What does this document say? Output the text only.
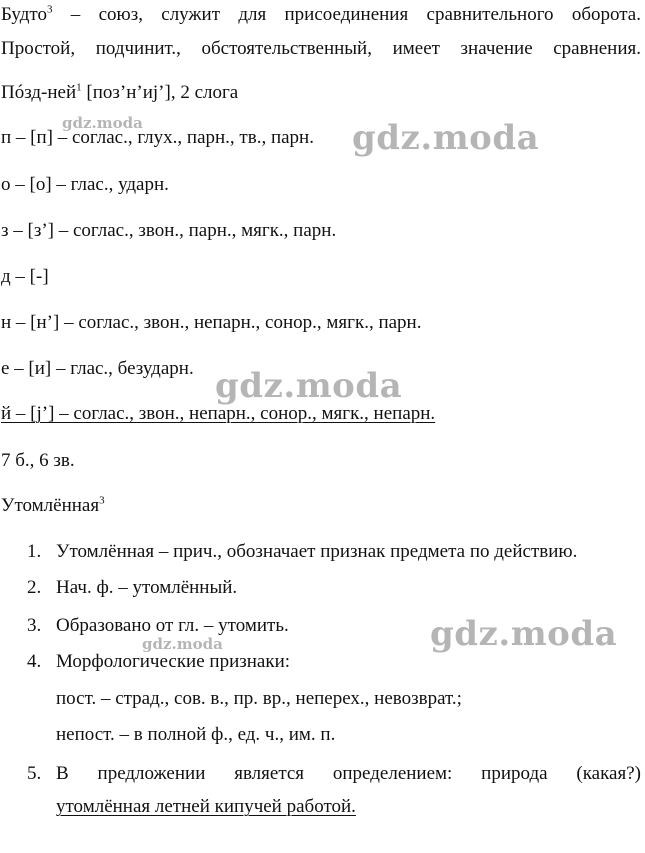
Будто$^3$ – союз, служит для присоединения сравнительного оборота.
Простой, подчинит., обстоятельственный, имеет значение сравнения.
Пóзд-ней$^1$ [поз’н’иj’], 2 слога
п – [п] – соглас., глух., парн., тв., парн.
о – [о] – глас., ударн.
з – [з’] – соглас., звон., парн., мягк., парн.
д – [-]
н – [н’] – соглас., звон., непарн., сонор., мягк., парн.
е – [и] – глас., безударн.
й – [j’] – соглас., звон., непарн., сонор., мягк., непарн.
7 б., 6 зв.
Утомлённая$^3$
1. Утомлённая – прич., обозначает признак предмета по действию.
2. Нач. ф. – утомлённый.
3. Образовано от гл. – утомить.
4. Морфологические признаки:
пост. – страд., сов. в., пр. вр., неперех., невозврат.;
непост. – в полной ф., ед. ч., им. п.
5. В предложении является определением: природа (какая?)
утомлённая летней кипучей работой.
gdz.moda	gdz.moda
gdz.moda
gdz.moda	gdz.moda
